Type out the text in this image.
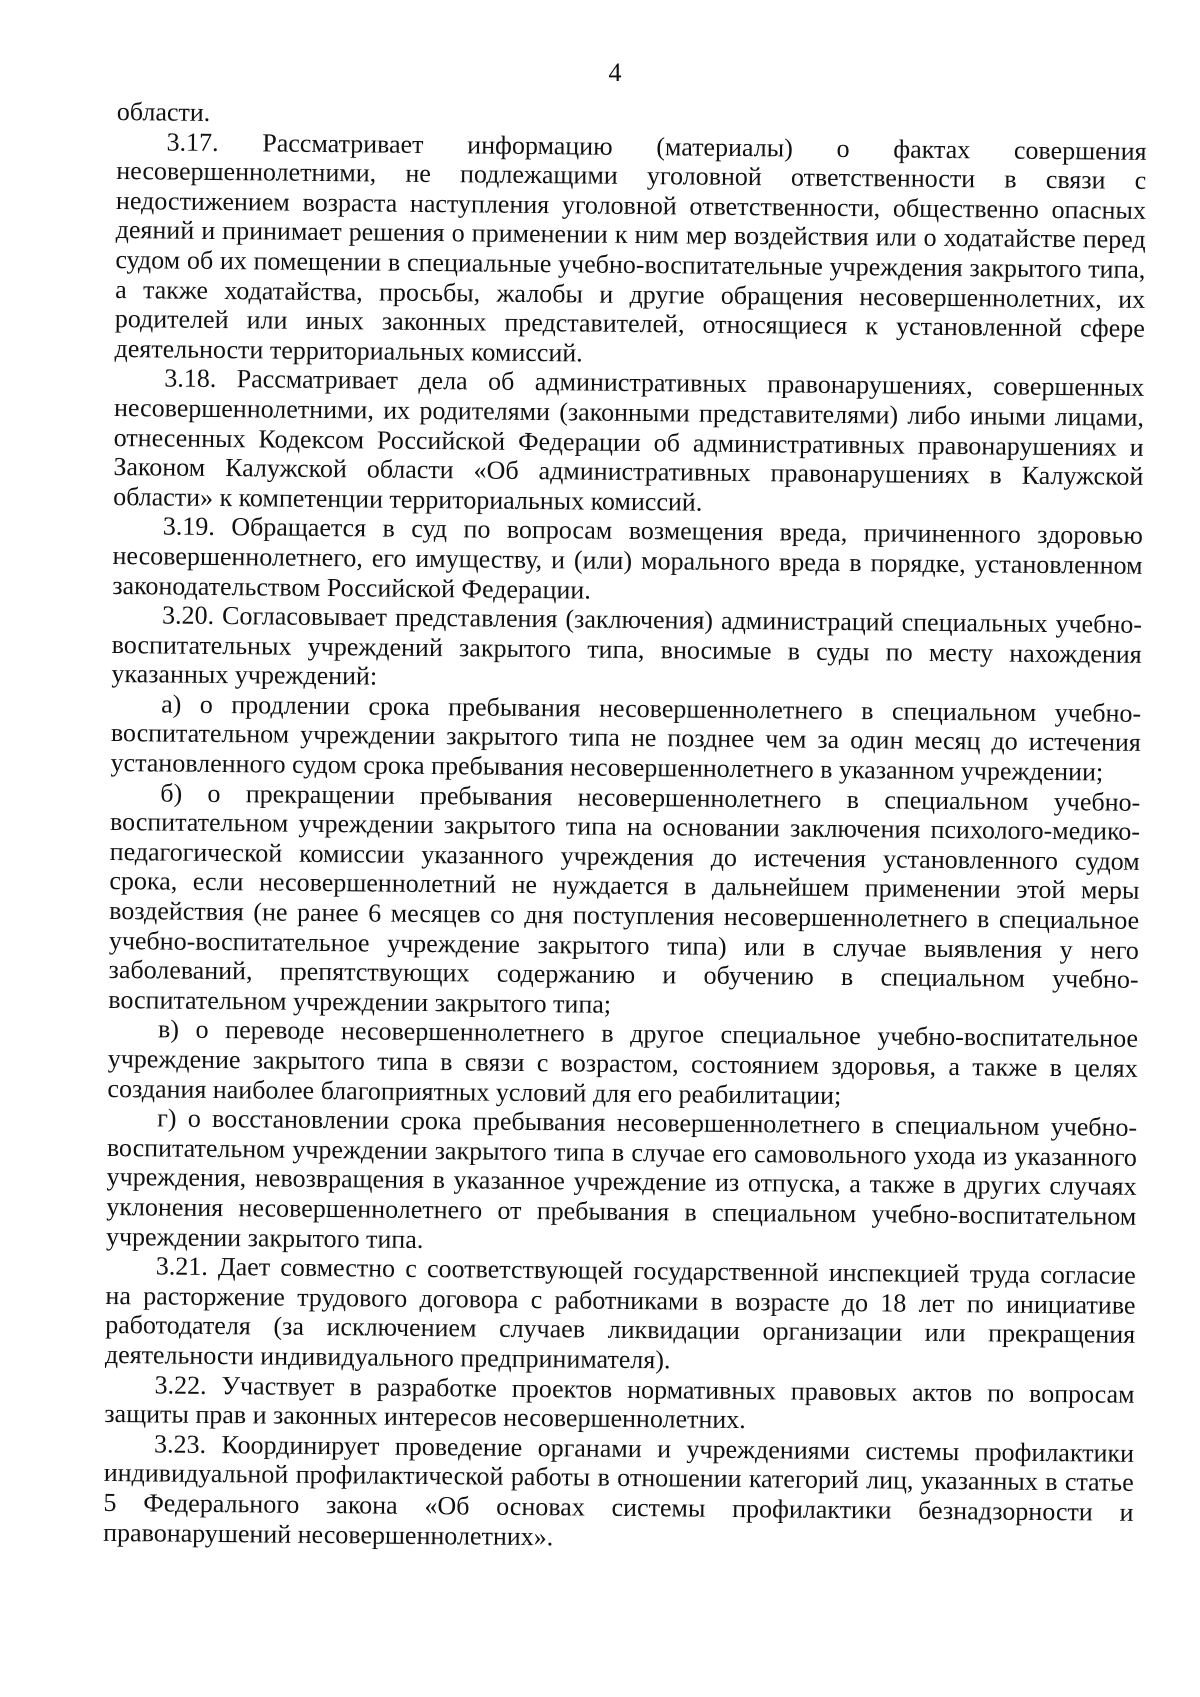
4

области.

3.17. Рассматривает информацию (материалы) о фактах совершения несовершеннолетними, не подлежащими уголовной ответственности в связи с недостижением возраста наступления уголовной ответственности, общественно опасных деяний и принимает решения о применении к ним мер воздействия или о ходатайстве перед судом об их помещении в специальные учебно-воспитательные учреждения закрытого типа, а также ходатайства, просьбы, жалобы и другие обращения несовершеннолетних, их родителей или иных законных представителей, относящиеся к установленной сфере деятельности территориальных комиссий.

3.18. Рассматривает дела об административных правонарушениях, совершенных несовершеннолетними, их родителями (законными представителями) либо иными лицами, отнесенных Кодексом Российской Федерации об административных правонарушениях и Законом Калужской области «Об административных правонарушениях в Калужской области» к компетенции территориальных комиссий.

3.19. Обращается в суд по вопросам возмещения вреда, причиненного здоровью несовершеннолетнего, его имуществу, и (или) морального вреда в порядке, установленном законодательством Российской Федерации.

3.20. Согласовывает представления (заключения) администраций специальных учебно-воспитательных учреждений закрытого типа, вносимые в суды по месту нахождения указанных учреждений:

а) о продлении срока пребывания несовершеннолетнего в специальном учебно-воспитательном учреждении закрытого типа не позднее чем за один месяц до истечения установленного судом срока пребывания несовершеннолетнего в указанном учреждении;

б) о прекращении пребывания несовершеннолетнего в специальном учебно-воспитательном учреждении закрытого типа на основании заключения психолого-медико-педагогической комиссии указанного учреждения до истечения установленного судом срока, если несовершеннолетний не нуждается в дальнейшем применении этой меры воздействия (не ранее 6 месяцев со дня поступления несовершеннолетнего в специальное учебно-воспитательное учреждение закрытого типа) или в случае выявления у него заболеваний, препятствующих содержанию и обучению в специальном учебно-воспитательном учреждении закрытого типа;

в) о переводе несовершеннолетнего в другое специальное учебно-воспитательное учреждение закрытого типа в связи с возрастом, состоянием здоровья, а также в целях создания наиболее благоприятных условий для его реабилитации;

г) о восстановлении срока пребывания несовершеннолетнего в специальном учебно-воспитательном учреждении закрытого типа в случае его самовольного ухода из указанного учреждения, невозвращения в указанное учреждение из отпуска, а также в других случаях уклонения несовершеннолетнего от пребывания в специальном учебно-воспитательном учреждении закрытого типа.

3.21. Дает совместно с соответствующей государственной инспекцией труда согласие на расторжение трудового договора с работниками в возрасте до 18 лет по инициативе работодателя (за исключением случаев ликвидации организации или прекращения деятельности индивидуального предпринимателя).

3.22. Участвует в разработке проектов нормативных правовых актов по вопросам защиты прав и законных интересов несовершеннолетних.

3.23. Координирует проведение органами и учреждениями системы профилактики индивидуальной профилактической работы в отношении категорий лиц, указанных в статье 5 Федерального закона «Об основах системы профилактики безнадзорности и правонарушений несовершеннолетних».
